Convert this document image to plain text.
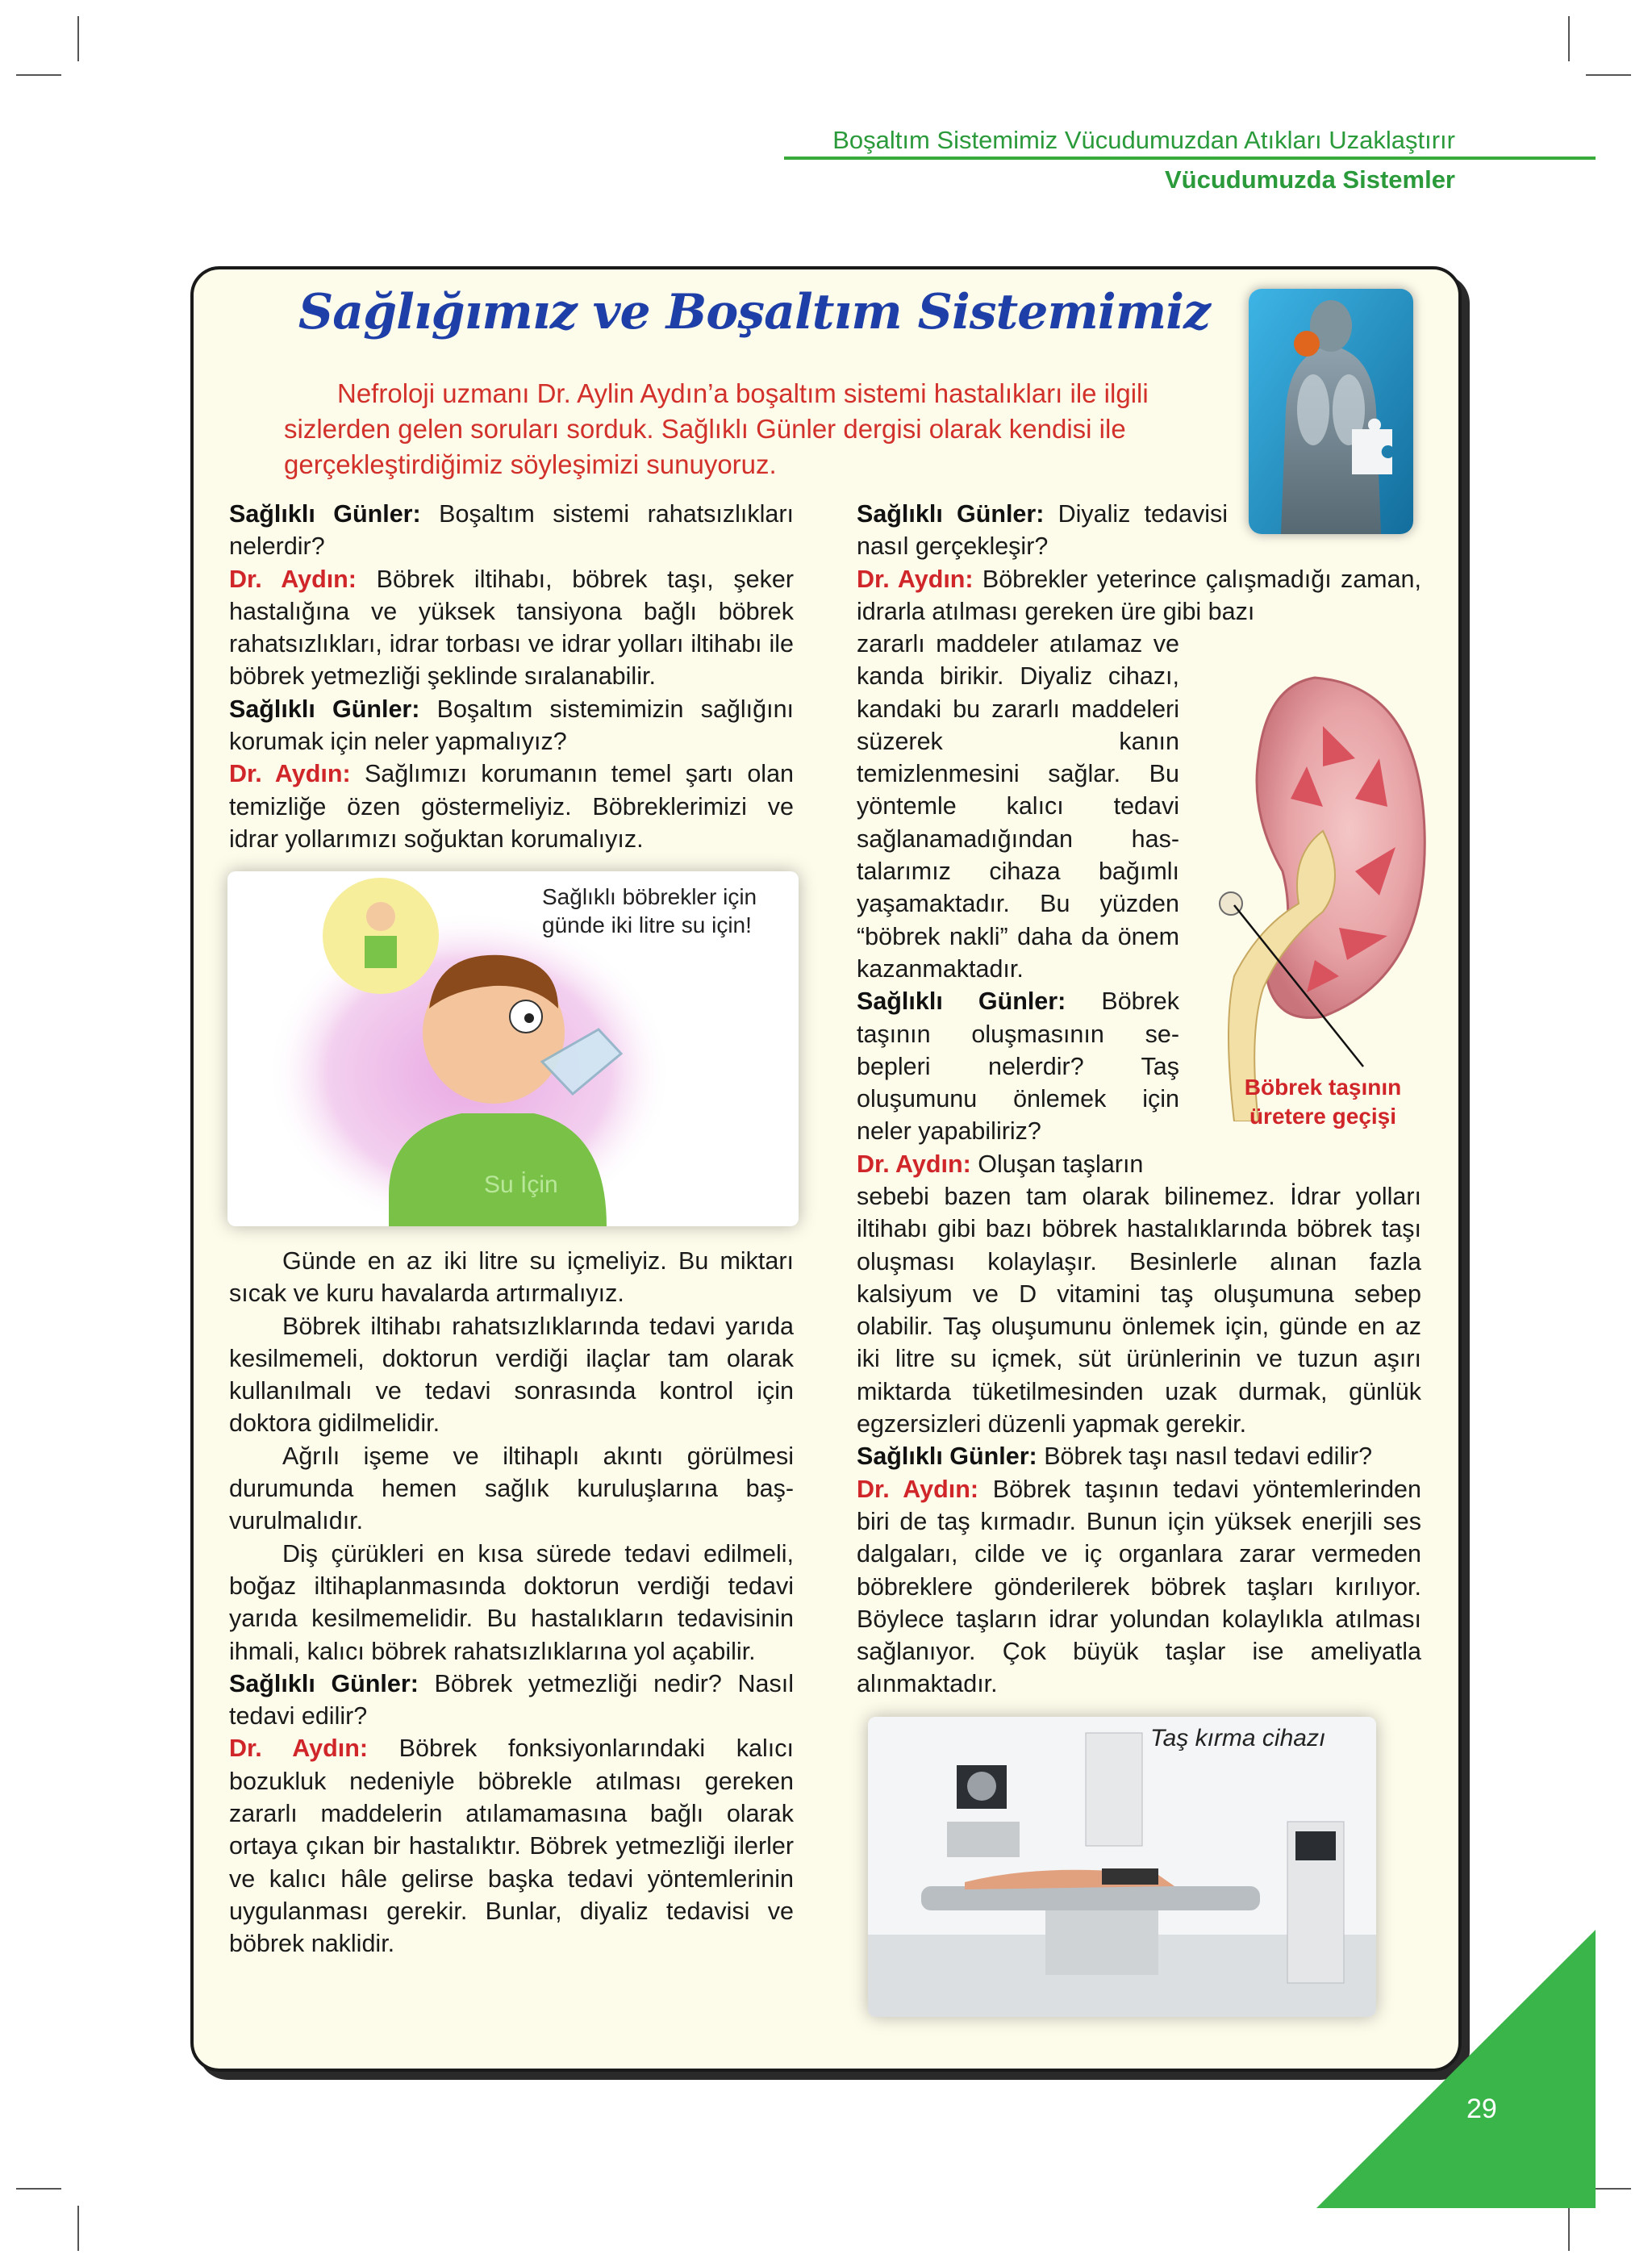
Boşaltım Sistemimiz Vücudumuzdan Atıkları Uzaklaştırır
Vücudumuzda Sistemler
Sağlığımız ve Boşaltım Sistemimiz
Nefroloji uzmanı Dr. Aylin Aydın’a boşaltım sistemi hastalıkları ile ilgili sizlerden gelen soruları sorduk. Sağlıklı Günler dergisi olarak kendisi ile gerçekleştirdiğimiz söyleşimizi sunuyoruz.

Sağlıklı Günler: Boşaltım sistemi rahatsızlıkları nelerdir?

Dr. Aydın: Böbrek iltihabı, böbrek taşı, şeker hastalığına ve yüksek tansiyona bağlı böbrek rahatsızlıkları, idrar torbası ve idrar yolları iltihabı ile böbrek yetmezliği şeklinde sıralanabilir.

Sağlıklı Günler: Boşaltım sistemimizin sağlığını korumak için neler yapmalıyız?

Dr. Aydın: Sağlımızı korumanın temel şartı olan temizliğe özen göstermeliyiz. Böbreklerimizi ve idrar yollarımızı soğuktan korumalıyız.

Sağlıklı böbrekler için günde iki litre su için!
Su İçin

Günde en az iki litre su içmeliyiz. Bu miktarı sıcak ve kuru havalarda artırmalıyız.

Böbrek iltihabı rahatsızlıklarında tedavi yarıda kesilmemeli, doktorun verdiği ilaçlar tam olarak kullanılmalı ve tedavi sonrasında kontrol için doktora gidilmelidir.

Ağrılı işeme ve iltihaplı akıntı görülmesi durumunda hemen sağlık kuruluşlarına baş-vurulmalıdır.

Diş çürükleri en kısa sürede tedavi edilmeli, boğaz iltihaplanmasında doktorun verdiği tedavi yarıda kesilmemelidir. Bu hastalıkların tedavisinin ihmali, kalıcı böbrek rahatsızlıklarına yol açabilir.

Sağlıklı Günler: Böbrek yetmezliği nedir? Nasıl tedavi edilir?

Dr. Aydın: Böbrek fonksiyonlarındaki kalıcı bozukluk nedeniyle böbrekle atılması gereken zararlı maddelerin atılamamasına bağlı olarak ortaya çıkan bir hastalıktır. Böbrek yetmezliği ilerler ve kalıcı hâle gelirse başka tedavi yöntemlerinin uygulanması gerekir. Bunlar, diyaliz tedavisi ve böbrek naklidir.

Sağlıklı Günler: Diyaliz tedavisi nasıl gerçekleşir?

Dr. Aydın: Böbrekler yeterince çalışmadığı zaman, idrarla atılması gereken üre gibi bazı

zararlı maddeler atılamaz ve kanda birikir. Diyaliz cihazı, kandaki bu zararlı maddeleri süzerek kanın temizlenmesini sağlar. Bu yöntemle kalıcı tedavi sağlanamadığından has-talarımız cihaza bağımlı yaşamaktadır. Bu yüzden “böbrek nakli” daha da önem kazanmaktadır.

Sağlıklı Günler: Böbrek taşının oluşmasının se-bepleri nelerdir? Taş oluşumunu önlemek için neler yapabiliriz?

Dr. Aydın: Oluşan taşların

Böbrek taşının üretere geçişi

sebebi bazen tam olarak bilinemez. İdrar yolları iltihabı gibi bazı böbrek hastalıklarında böbrek taşı oluşması kolaylaşır. Besinlerle alınan fazla kalsiyum ve D vitamini taş oluşumuna sebep olabilir. Taş oluşumunu önlemek için, günde en az iki litre su içmek, süt ürünlerinin ve tuzun aşırı miktarda tüketilmesinden uzak durmak, günlük egzersizleri düzenli yapmak gerekir.

Sağlıklı Günler: Böbrek taşı nasıl tedavi edilir?

Dr. Aydın: Böbrek taşının tedavi yöntemlerinden biri de taş kırmadır. Bunun için yüksek enerjili ses dalgaları, cilde ve iç organlara zarar vermeden böbreklere gönderilerek böbrek taşları kırılıyor. Böylece taşların idrar yolundan kolaylıkla atılması sağlanıyor. Çok büyük taşlar ise ameliyatla alınmaktadır.

Taş kırma cihazı
29
